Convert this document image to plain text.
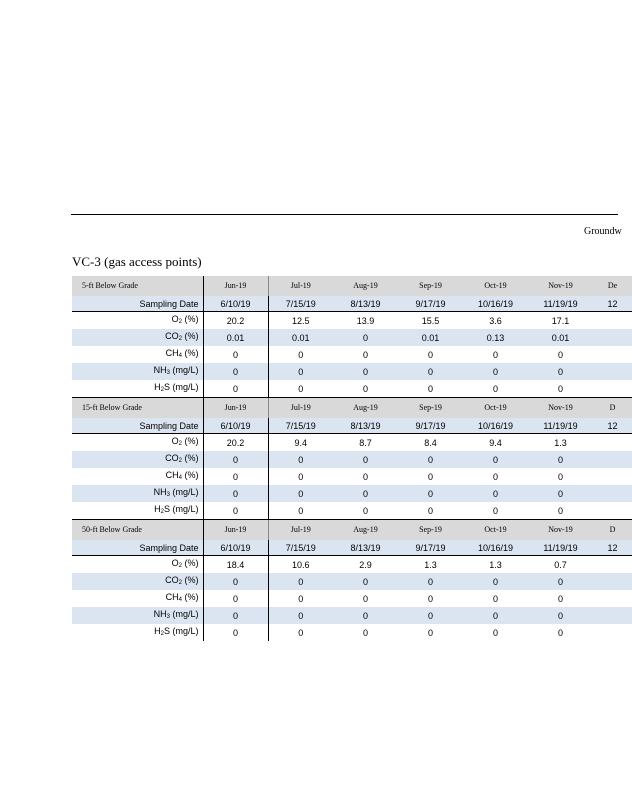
Groundw
VC-3 (gas access points)
5-ft Below Grade	Jun-19	Jul-19	Aug-19	Sep-19	Oct-19	Nov-19	De
Sampling Date	6/10/19	7/15/19	8/13/19	9/17/19	10/16/19	11/19/19	12
$O_2$ (%)	20.2	12.5	13.9	15.5	3.6	17.1	
$CO_2$ (%)	0.01	0.01	0	0.01	0.13	0.01	
$CH_4$ (%)	0	0	0	0	0	0	
$NH_3$ (mg/L)	0	0	0	0	0	0	
$H_2S$ (mg/L)	0	0	0	0	0	0	
15-ft Below Grade	Jun-19	Jul-19	Aug-19	Sep-19	Oct-19	Nov-19	D
Sampling Date	6/10/19	7/15/19	8/13/19	9/17/19	10/16/19	11/19/19	12
$O_2$ (%)	20.2	9.4	8.7	8.4	9.4	1.3	
$CO_2$ (%)	0	0	0	0	0	0	
$CH_4$ (%)	0	0	0	0	0	0	
$NH_3$ (mg/L)	0	0	0	0	0	0	
$H_2S$ (mg/L)	0	0	0	0	0	0	
50-ft Below Grade	Jun-19	Jul-19	Aug-19	Sep-19	Oct-19	Nov-19	D
Sampling Date	6/10/19	7/15/19	8/13/19	9/17/19	10/16/19	11/19/19	12
$O_2$ (%)	18.4	10.6	2.9	1.3	1.3	0.7	
$CO_2$ (%)	0	0	0	0	0	0	
$CH_4$ (%)	0	0	0	0	0	0	
$NH_3$ (mg/L)	0	0	0	0	0	0	
$H_2S$ (mg/L)	0	0	0	0	0	0	
